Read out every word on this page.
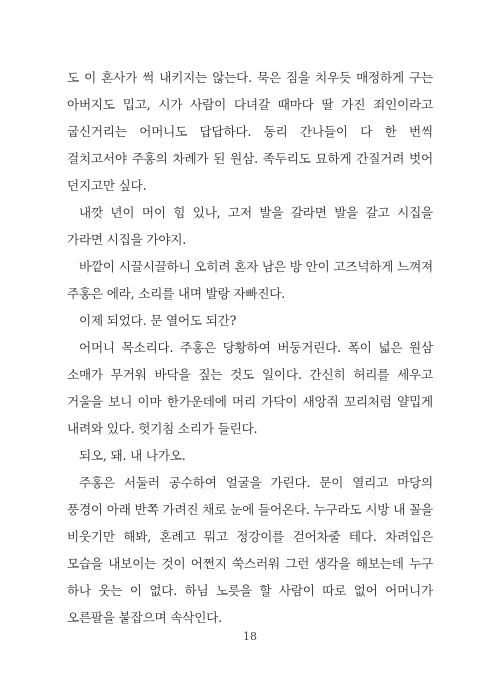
도 이 혼사가 썩 내키지는 않는다. 묵은 짐을 치우듯 매정하게 구는 아버지도 밉고, 시가 사람이 다녀갈 때마다 딸 가진 죄인이라고 굽신거리는 어머니도 답답하다. 동리 간나들이 다 한 번씩 걸치고서야 주홍의 차례가 된 원삼. 족두리도 묘하게 간질거려 벗어 던지고만 싶다.

내깟 년이 머이 힘 있나, 고저 발을 갈라면 발을 갈고 시집을 가라면 시집을 가야지.

바깥이 시끌시끌하니 오히려 혼자 남은 방 안이 고즈넉하게 느껴져 주홍은 에라, 소리를 내며 발랑 자빠진다.

이제 되었다. 문 열어도 되간?

어머니 목소리다. 주홍은 당황하여 버둥거린다. 폭이 넓은 원삼 소매가 무거워 바닥을 짚는 것도 일이다. 간신히 허리를 세우고 거울을 보니 이마 한가운데에 머리 가닥이 새앙쥐 꼬리처럼 얄밉게 내려와 있다. 헛기침 소리가 들린다.

되오, 돼. 내 나가오.

주홍은 서둘러 공수하여 얼굴을 가린다. 문이 열리고 마당의 풍경이 아래 반쪽 가려진 채로 눈에 들어온다. 누구라도 시방 내 꼴을 비웃기만 해봐, 혼례고 뭐고 정강이를 걷어차줄 테다. 차려입은 모습을 내보이는 것이 어쩐지 쑥스러워 그런 생각을 해보는데 누구 하나 웃는 이 없다. 하님 노릇을 할 사람이 따로 없어 어머니가 오른팔을 붙잡으며 속삭인다.

18
